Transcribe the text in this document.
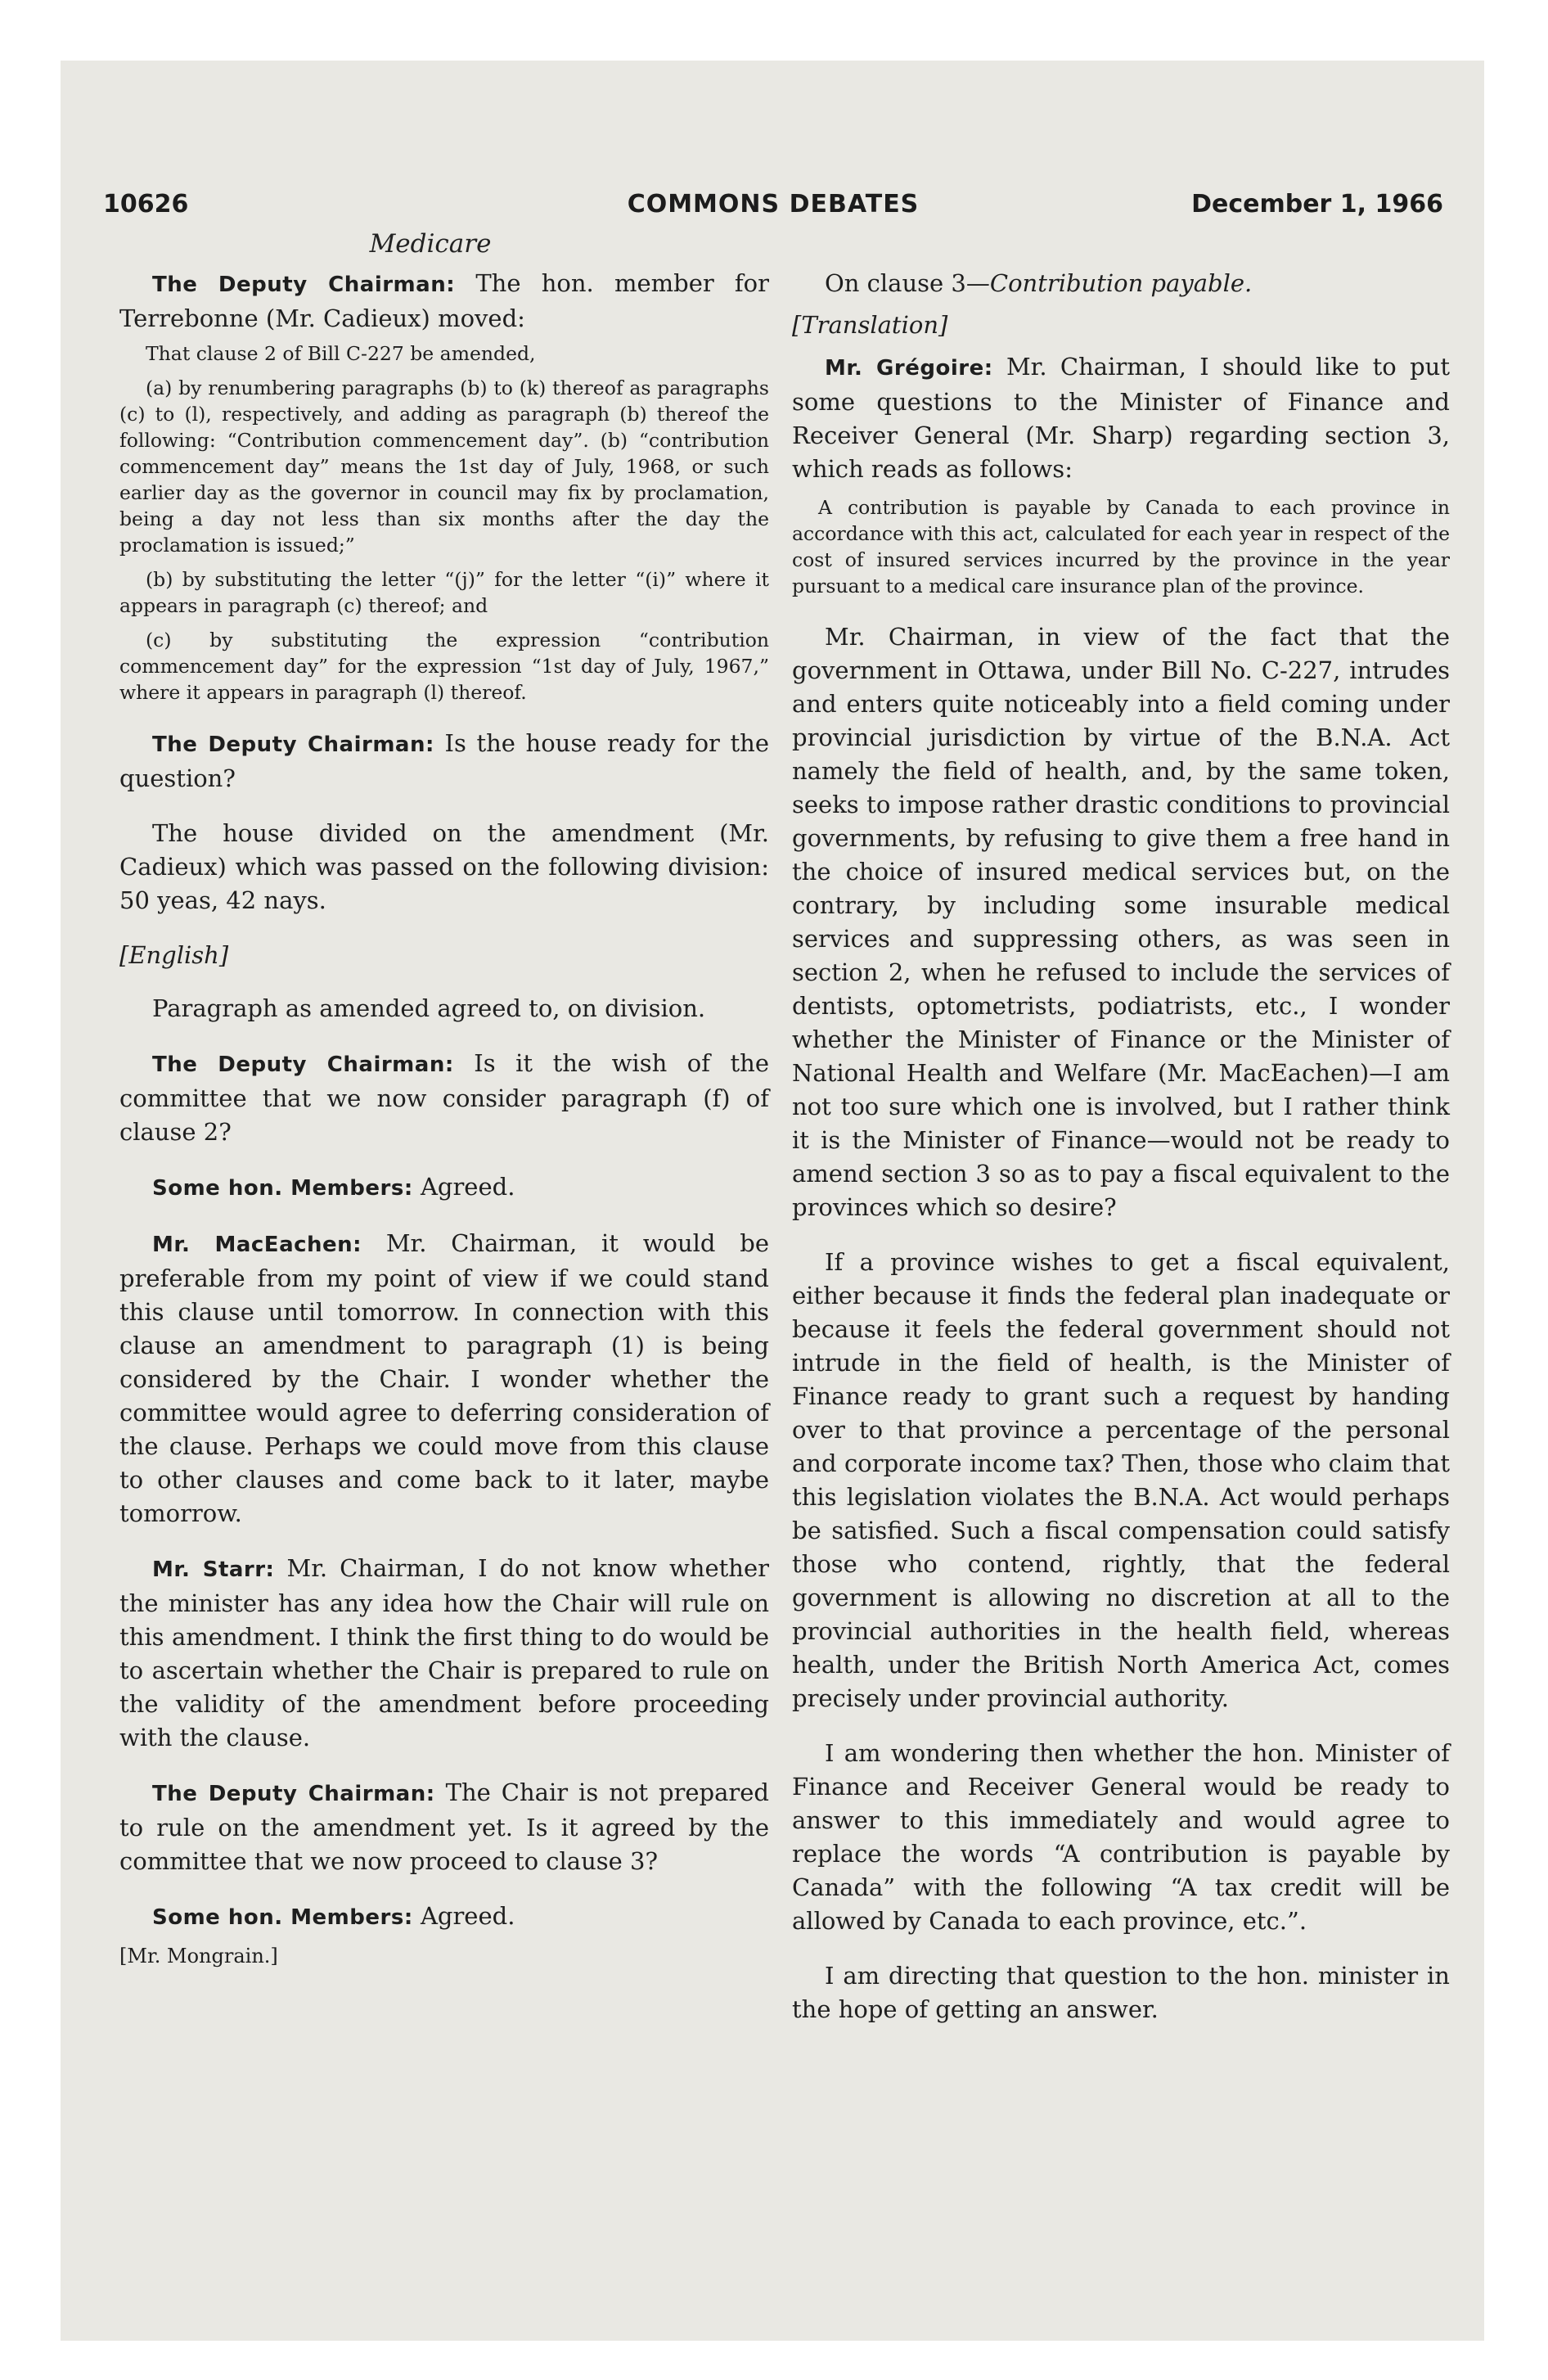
10626	COMMONS DEBATES	December 1, 1966
Medicare

The Deputy Chairman: The hon. member for Terrebonne (Mr. Cadieux) moved:

That clause 2 of Bill C-227 be amended,

(a) by renumbering paragraphs (b) to (k) thereof as paragraphs (c) to (l), respectively, and adding as paragraph (b) thereof the following: “Contribution commencement day”. (b) “contribution commencement day” means the 1st day of July, 1968, or such earlier day as the governor in council may fix by proclamation, being a day not less than six months after the day the proclamation is issued;”

(b) by substituting the letter “(j)” for the letter “(i)” where it appears in paragraph (c) thereof; and

(c) by substituting the expression “contribution commencement day” for the expression “1st day of July, 1967,” where it appears in paragraph (l) thereof.

The Deputy Chairman: Is the house ready for the question?

The house divided on the amendment (Mr. Cadieux) which was passed on the following division: 50 yeas, 42 nays.

[English]

Paragraph as amended agreed to, on division.

The Deputy Chairman: Is it the wish of the committee that we now consider paragraph (f) of clause 2?

Some hon. Members: Agreed.

Mr. MacEachen: Mr. Chairman, it would be preferable from my point of view if we could stand this clause until tomorrow. In connection with this clause an amendment to paragraph (1) is being considered by the Chair. I wonder whether the committee would agree to deferring consideration of the clause. Perhaps we could move from this clause to other clauses and come back to it later, maybe tomorrow.

Mr. Starr: Mr. Chairman, I do not know whether the minister has any idea how the Chair will rule on this amendment. I think the first thing to do would be to ascertain whether the Chair is prepared to rule on the validity of the amendment before proceeding with the clause.

The Deputy Chairman: The Chair is not prepared to rule on the amendment yet. Is it agreed by the committee that we now proceed to clause 3?

Some hon. Members: Agreed.

[Mr. Mongrain.]

On clause 3—Contribution payable.

[Translation]

Mr. Grégoire: Mr. Chairman, I should like to put some questions to the Minister of Finance and Receiver General (Mr. Sharp) regarding section 3, which reads as follows:

A contribution is payable by Canada to each province in accordance with this act, calculated for each year in respect of the cost of insured services incurred by the province in the year pursuant to a medical care insurance plan of the province.

Mr. Chairman, in view of the fact that the government in Ottawa, under Bill No. C-227, intrudes and enters quite noticeably into a field coming under provincial jurisdiction by virtue of the B.N.A. Act namely the field of health, and, by the same token, seeks to impose rather drastic conditions to provincial governments, by refusing to give them a free hand in the choice of insured medical services but, on the contrary, by including some insurable medical services and suppressing others, as was seen in section 2, when he refused to include the services of dentists, optometrists, podiatrists, etc., I wonder whether the Minister of Finance or the Minister of National Health and Welfare (Mr. MacEachen)—I am not too sure which one is involved, but I rather think it is the Minister of Finance—would not be ready to amend section 3 so as to pay a fiscal equivalent to the provinces which so desire?

If a province wishes to get a fiscal equivalent, either because it finds the federal plan inadequate or because it feels the federal government should not intrude in the field of health, is the Minister of Finance ready to grant such a request by handing over to that province a percentage of the personal and corporate income tax? Then, those who claim that this legislation violates the B.N.A. Act would perhaps be satisfied. Such a fiscal compensation could satisfy those who contend, rightly, that the federal government is allowing no discretion at all to the provincial authorities in the health field, whereas health, under the British North America Act, comes precisely under provincial authority.

I am wondering then whether the hon. Minister of Finance and Receiver General would be ready to answer to this immediately and would agree to replace the words “A contribution is payable by Canada” with the following “A tax credit will be allowed by Canada to each province, etc.”.

I am directing that question to the hon. minister in the hope of getting an answer.
